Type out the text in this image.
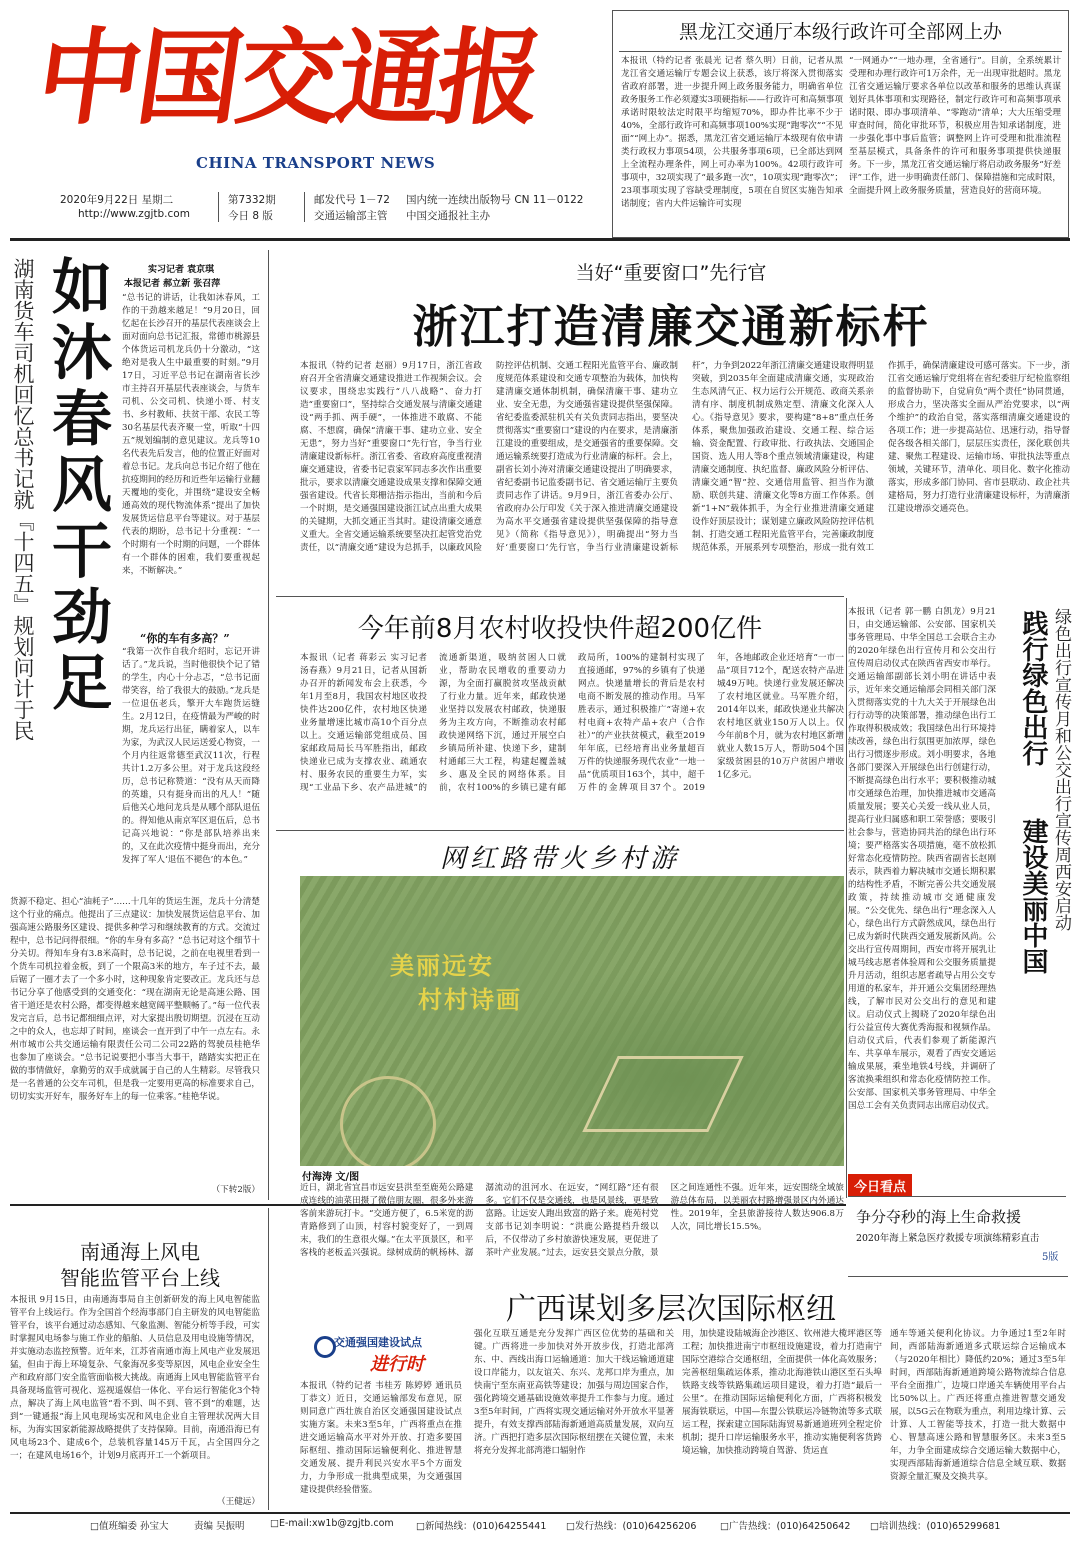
中国交通报
CHINA TRANSPORT NEWS
2020年9月22日 星期二
http://www.zgjtb.com
第7332期
今日 8 版
邮发代号 1－72 国内统一连续出版物号 CN 11－0122
交通运输部主管 中国交通报社主办
黑龙江交通厅本级行政许可全部网上办
本报讯（特约记者 张晨光 记者 蔡久明）日前，记者从黑龙江省交通运输厅专题会议上获悉，该厅将深入贯彻落实省政府部署，进一步提升网上政务服务能力，明确省单位政务服务工作必须遵实3项硬指标——行政许可和高频事项承诺时限较法定时限平均缩短70%，即办件比率不少于40%，全部行政许可和高频事项100%实现“跑零次”“不见面”“网上办”。据悉，黑龙江省交通运输厅本级现有依申请类行政权力事项54项，公共服务事项6项，已全部达到网上全流程办理条件，网上可办率为100%。42项行政许可事项中，32项实现了“最多跑一次”，10项实现“跑零次”；23项事项实现了容缺受理制度，5项在自贸区实施告知承诺制度；省内大件运输许可实现
“一网通办”“一地办理，全省通行”。目前，全系统累计受理和办理行政许可1万余件，无一出现审批超时。黑龙江省交通运输厅要求各单位以改革和服务的思维认真谋划好具体事项和实现路径，制定行政许可和高频事项承诺时限、即办事项清单、“零跑动”清单；大大压缩受理审查时间，简化审批环节，积极应用告知承诺制度，进一步强化事中事后监管；调整网上许可受理和批准流程至基层模式，具备条件的许可和服务事项提供快递服务。下一步，黑龙江省交通运输厅将启动政务服务“好差评”工作，进一步明确责任部门、保障措施和完成时限，全面提升网上政务服务质量，营造良好的营商环境。
湖南货车司机回忆总书记就『十四五』规划问计于民 如沐春风干劲足	实习记者 袁京琪
本报记者 郝立新 张召萍
“总书记的讲话，让我如沐春风，工作的干劲越来越足！”9月20日，回忆起在长沙召开的基层代表座谈会上面对面向总书记汇报，常德市桃源县个体货运司机龙兵仍十分激动，“这绝对是我人生中最重要的时刻。”9月17日，习近平总书记在湖南省长沙市主持召开基层代表座谈会，与货车司机、公交司机、快递小哥、村支书、乡村教师、扶贫干部、农民工等30名基层代表齐聚一堂，听取“十四五”规划编制的意见建议。龙兵等10名代表先后发言，他的位置正好面对着总书记。龙兵向总书记介绍了他在抗疫期间的经历和近些年运输行业翻天覆地的变化，并围绕“建设安全畅通高效的现代物流体系”提出了加快发展货运信息平台等建议。对于基层代表的期盼，总书记十分重视：“一个时期有一个时期的问题，一个群体有一个群体的困难，我们要重视起来，不断解决。”
“你的车有多高？”
“我第一次作自我介绍时，忘记开讲话了。”龙兵说，当时他很快个记了错的学生，内心十分忐忑，“总书记面带笑容，给了我很大的鼓励。”龙兵是一位退伍老兵，擎开大车跑货运缝生。2月12日，在疫情最为严峻的时期，龙兵运行出征，瞒着家人，以车为家，为武汉人民运送爱心物资，一个月内往返常德至武汉11次，行程共计1.2万多公里。对于龙兵这段经历，总书记称赞道：“没有从天而降的英雄，只有挺身而出的凡人！”随后他关心地问龙兵是从哪个部队退伍的。得知他从南京军区退伍后，总书记高兴地说：“你是部队培养出来的，又在此次疫情中挺身而出，充分发挥了军人‘退伍不褪色’的本色。”
货源不稳定、担心“油耗子”……十几年的货运生涯，龙兵十分清楚这个行业的痛点。他提出了三点建议：加快发展货运信息平台、加强高速公路服务区建设、提供多种学习和继续教育的方式。交流过程中，总书记问得很细。“你的车身有多高？”总书记对这个细节十分关切。得知车身有3.8米高时，总书记说，之前在电视里看到一个货车司机拉着金板，到了一个限高3米的地方，车子过不去，最后锯了一圈才去了一个多小时，这种现象肯定要改正。龙兵还与总书记分享了他感受到的交通变化：“现在湖南无论是高速公路、国省干道还是农村公路，都变得越来越宽阔平整顺畅了。”每一位代表发完言后，总书记都细细点评，对大家提出殷切期望。沉浸在互动之中的众人，也忘却了时间，座谈会一直开到了中午一点左右。永州市城市公共交通运输有限责任公司二公司22路的驾驶员桂艳华也参加了座谈会。“总书记说要把小事当大事干，踏踏实实把正在做的事情做好，拿勤劳的双手成就属于自己的人生精彩。尽管我只是一名普通的公交车司机，但是我一定要用更高的标准要求自己，切切实实开好车，服务好车上的每一位乘客。”桂艳华说。
（下转2版）
当好“重要窗口”先行官
浙江打造清廉交通新标杆
本报讯（特约记者 赵丽）9月17日，浙江省政府召开全省清廉交通建设推进工作视频会议。会议要求，围绕忠实践行“八八战略”、奋力打造“重要窗口”，坚持综合交通发展与清廉交通建设“两手抓、两手硬”，一体推进不敢腐、不能腐、不想腐，确保“清廉干事、建功立业、安全无患”，努力当好“重要窗口”先行官，争当行业清廉建设新标杆。浙江省委、省政府高度重视清廉交通建设，省委书记袁家军同志多次作出重要批示，要求以清廉交通建设成果支撑和保障交通强省建设。代省长郑栅洁指示指出，当前和今后一个时期，是交通强国建设浙江试点出重大成果的关键期，大抓交通正当其时。建设清廉交通意义重大。全省交通运输系统要坚决扛起管党治党责任，以“清廉交通”建设为总抓手，以廉政风险防控评估机制、交通工程阳光监管平台、廉政制度规范体系建设和交通专项整治为载体，加快构建清廉交通体制机制，确保清廉干事、建功立业、安全无患，为交通强省建设提供坚强保障。省纪委监委派驻机关有关负责同志指出，要坚决贯彻落实“重要窗口”建设的内在要求，是清廉浙江建设的重要组成，是交通强省的重要保障。交通运输系统要打造成为行业清廉的标杆。会上，副省长刘小涛对清廉交通建设提出了明确要求，省纪委副书记监委副书记、省交通运输厅主要负责同志作了讲话。9月9日，浙江省委办公厅、省政府办公厅印发《关于深入推进清廉交通建设为高水平交通强省建设提供坚强保障的指导意见》（简称《指导意见》），明确提出“努力当好‘重要窗口’先行官，争当行业清廉建设新标杆”，力争到2022年浙江清廉交通建设取得明显突破，到2035年全面建成清廉交通，实现政治生态风清气正、权力运行公开规范、政商关系亲清有序、制度机制成熟定型、清廉文化深入人心。《指导意见》要求，要构建“8+8”重点任务体系，聚焦加强政治建设、交通工程、综合运输、资金配置、行政审批、行政执法、交通国企国资、选人用人等8个重点领域清廉建设，构建清廉交通制度、执纪监督、廉政风险分析评估、清廉交通“智”控、交通信用监管、担当作为激励、联创共建、清廉文化等8方面工作体系。创新“1+N”载体抓手，为全行业推进清廉交通建设作好顶层设计；谋划建立廉政风险防控评估机制、打造交通工程阳光监管平台，完善廉政制度规范体系，开展系列专项整治，形成一批有效工作抓手，确保清廉建设可感可落实。下一步，浙江省交通运输厅党组将在省纪委驻厅纪检监察组的监督协助下，自觉肩负“两个责任”协同贯通，形成合力，坚决落实全面从严治党要求，以“两个维护”的政治自觉，落实落细清廉交通建设的各项工作；进一步提高站位、迅速行动，指导督促各级各相关部门，层层压实责任，深化联创共建、聚焦工程建设、运输市场、审批执法等重点领域，关键环节，清单化、项目化、数字化推动落实，形成多部门协同、省市县联动、政企社共建格局，努力打造行业清廉建设标杆，为清廉浙江建设增添交通亮色。
今年前8月农村收投快件超200亿件
本报讯（记者 蒋彩云 实习记者 汤春燕）9月21日，记者从国新办召开的新闻发布会上获悉，今年1月至8月，我国农村地区收投快件达200亿件，农村地区快递业务量增速比城市高10个百分点以上。交通运输部党组成员、国家邮政局局长马军胜指出，邮政快递业已成为支撑农业、疏通农村、服务农民的重要生力军，实现“工业品下乡、农产品进城”的流通新渠道，吸纳贫困人口就业，帮助农民增收的重要动力源，为全面打赢脱贫攻坚战贡献了行业力量。近年来，邮政快递业坚持以发展农村邮政，快递服务为主攻方向，不断推动农村邮政快递网络下沉，通过开展空白乡镇局所补建、快递下乡，建制村通邮三大工程，构建起覆盖城乡、惠及全民的网络体系。目前，农村100%的乡镇已建有邮政局所，100%的建制村实现了直接通邮，97%的乡镇有了快递网点。快递量增长的背后是农村电商不断发展的推动作用。马军胜表示，通过积极推广“寄递+农村电商+农特产品+农户（合作社）”的产业扶贫模式，截至2019年年底，已经培育出业务量超百万件的快递服务现代农业“一地一品”优质项目163个，其中，超千万件的金牌项目37个。2019年，各地邮政企业还培育“一市一品”项目712个，配送农特产品进城49万吨。快递行业发展还解决了农村地区就业。马军胜介绍，2014年以来，邮政快递业共解决农村地区就业150万人以上。仅今年前8个月，就为农村地区新增就业人数15万人，帮助504个国家级贫困县的10万户贫困户增收1亿多元。
网红路带火乡村游
美丽远安
村村诗画
付海涛 文/图
近日，湖北省宜昌市远安县洪至至鹿苑公路建成连线的油菜田摄了微信朋友圈，很多外来游客前来游玩打卡。“交通方便了，6.5米宽的沥青路修到了山顶，村容村貌变好了，一到周末，我们的生意很火爆。”在太平顶景区，和平客栈的老板孟兴强说。绿树成荫的帆杨林、潺潺流动的沮河水、在远安，“网红路”还有很多。它们不仅是交通线，也是风景线，更是致富路。让远安人跑出致富的路子来。鹿苑村党支部书记刘李明说：“洪鹿公路提档升级以后，不仅带动了乡村旅游快速发展，更促进了茶叶产业发展。”过去，远安县交景点分散，景区之间连通性不强。近年来，远安围绕全域旅游总体布局，以美丽农村路增强景区内外通达性。2019年，全县旅游接待人数达906.8万人次，同比增长15.5%。
本报讯（记者 郭一鹏 白凯龙）9月21日，由交通运输部、公安部、国家机关事务管理局、中华全国总工会联合主办的2020年绿色出行宣传月和公交出行宣传周启动仪式在陕西省西安市举行。交通运输部副部长刘小明在讲话中表示，近年来交通运输部会同相关部门深入贯彻落实党的十九大关于开展绿色出行行动等的决策部署，推动绿色出行工作取得积极成效；我国绿色出行环境持续改善，绿色出行氛围更加浓厚，绿色出行习惯逐步形成。刘小明要求，各地各部门要深入开展绿色出行创建行动，不断提高绿色出行水平；要积极推动城市交通绿色治理，加快推进城市交通高质量发展；要关心关爱一线从业人员，提高行业归属感和职工荣誉感；要吸引社会参与，营造协同共治的绿色出行环境；要严格落实各项措施，毫不放松抓好常态化疫情防控。陕西省副省长赵刚表示，陕西着力解决城市交通长期积累的结构性矛盾，不断完善公共交通发展政策，持续推动城市交通健康发展。“公交优先、绿色出行”理念深入人心，绿色出行方式蔚然成风，绿色出行已成为新时代陕西交通发展新风尚。公交出行宣传周期间，西安市将开展乳让城马线志愿者体验周和公交服务质量提升月活动，组织志愿者疏导占用公交专用道的私家车，并开通公交集团经理热线，了解市民对公交出行的意见和建议。启动仪式上揭晓了2020年绿色出行公益宣传大赛优秀海报和视频作品。启动仪式后，代表们参观了新能源汽车、共享单车展示，观看了西安交通运输成果展，乘坐地铁4号线，并调研了客流换乘组织和常态化疫情防控工作。公安部、国家机关事务管理局、中华全国总工会有关负责同志出席启动仪式。
绿色出行宣传月和公交出行宣传周西安启动
践行绿色出行
建设美丽中国
今日看点
争分夺秒的海上生命救援
2020年海上紧急医疗救援专项演练精彩直击
5版
南通海上风电
智能监管平台上线
本报讯 9月15日，由南通海事局自主创新研发的海上风电智能监管平台上线运行。作为全国首个经海事部门自主研发的风电智能监管平台，该平台通过动态感知、气象监测、智能分析等手段，可实时掌握风电场参与施工作业的船舶、人员信息及用电设施等情况，并实施动态监控预警。近年来，江苏省南通市海上风电产业发展迅猛，但由于海上环境复杂、气象海况多变等原因，风电企业安全生产和政府部门安全监管面临极大挑战。南通海上风电智能监管平台具备现场监管可视化、巡视遥媒信一体化、平台运行智能化3个特点，解决了海上风电监管“看不到、叫不到、管不到”的难题，达到“一键通报”海上风电现场实况和风电企业自主管理状况两大目标，为海实国家新能源战略提供了支持保障。目前，南通沿海已有风电场23个、建成6个，总装机容量145万千瓦，占全国四分之一；在建风电场16个，计划9月底再开工一个新项目。
（王健远）
广西谋划多层次国际枢纽
交通强国建设试点
进行时
本报讯（特约记者 韦桂芳 陈婷婷 通讯员 丁恭文）近日，交通运输部发布意见，原则同意广西壮族自治区交通强国建设试点实施方案。未来3至5年，广西将重点在推进交通运输高水平对外开放、打造多要国际枢纽、推动国际运输便利化、推进智慧交通发展、提升利民兴安水平5个方面发力，力争形成一批典型成果，为交通强国建设提供经验借鉴。
强化互联互通是充分发挥广西区位优势的基础和关键。广西将进一步加快对外开放步伐，打造北部湾东、中、西线出海口运输通道：加大干线运输通道建设口岸能力，以友谊关、东兴、龙邦口岸为重点，加快南宁至东南亚高铁等建设；加强与周边国家合作，强化跨境交通基础设施效率提升工作参与力度。通过3至5年时间，广西将实现交通运输对外开放水平显著提升，有效支撑西部陆海新通道高质量发展，双向互济。广西把打造多层次国际枢纽摆在关键位置，未来将充分发挥北部湾港口辐射作
用，加快建设陆城海企沙港区、钦州港大榄坪港区等工程；加快推进南宁市枢纽设施建设，着力打造南宁国际空港综合交通枢纽，全面提供一体化高效服务；完善枢纽集疏运体系，推动北海港铁山港区至石头埠铁路支线等铁路集疏运项目建设，着力打造“最后一公里”。在推动国际运输便利化方面，广西将积极发展海铁联运，中国—东盟公铁联运冷链物流等多式联运工程，探索建立国际陆海贸易新通道班列全程定价机制；提升口岸运输服务水平，推动实施便利客货跨境运输，加快推动跨境自驾游、货运直
通车等通关便利化协议。力争通过1至2年时间，西部陆海新通道多式联运综合运输成本（与2020年相比）降低约20%；通过3至5年时间，西部陆海新通道跨境公路物流综合信息平台全面推广，边境口岸通关车辆使用平台占比50%以上。广西还将重点推进智慧交通发展，以5G云在物联为重点，利用边缘计算、云计算、人工智能等技术，打造一批大数据中心、智慧高速公路和智慧服务区。未来3至5年，力争全面建成综合交通运输大数据中心，实现西部陆海新通道综合信息全域互联、数据资源全量汇聚及交换共享。
□值班编委 孙宝大	责编 吴振明	□E-mail:xw1b@zgjtb.com □新闻热线：(010)64255441 □发行热线：(010)64256206 □广告热线：(010)64250642 □培训热线：(010)65299681
